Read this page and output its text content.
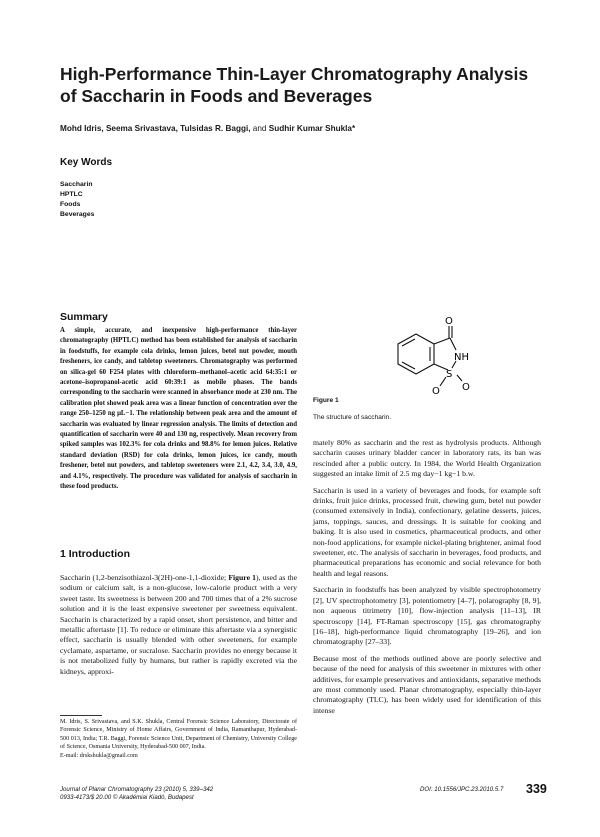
High-Performance Thin-Layer Chromatography Analysis
of Saccharin in Foods and Beverages
Mohd Idris, Seema Srivastava, Tulsidas R. Baggi, and Sudhir Kumar Shukla*
Key Words
Saccharin
HPTLC
Foods
Beverages
Summary
A simple, accurate, and inexpensive high-performance thin-layer chromatography (HPTLC) method has been established for analysis of saccharin in foodstuffs, for example cola drinks, lemon juices, betel nut powder, mouth fresheners, ice candy, and tabletop sweeteners. Chromatography was performed on silica-gel 60 F254 plates with chloroform–methanol–acetic acid 64:35:1 or acetone–isopropanol-acetic acid 60:39:1 as mobile phases. The bands corresponding to the saccharin were scanned in absorbance mode at 230 nm. The calibration plot showed peak area was a linear function of concentration over the range 250–1250 ng μL−1. The relationship between peak area and the amount of saccharin was evaluated by linear regression analysis. The limits of detection and quantification of saccharin were 40 and 130 ng, respectively. Mean recovery from spiked samples was 102.3% for cola drinks and 98.8% for lemon juices. Relative standard deviation (RSD) for cola drinks, lemon juices, ice candy, mouth freshener, betel nut powders, and tabletop sweeteners were 2.1, 4.2, 3.4, 3.0, 4.9, and 4.1%, respectively. The procedure was validated for analysis of saccharin in these food products.
O
NH
S
O O
Figure 1
The structure of saccharin.
1 Introduction

Saccharin (1,2-benzisothiazol-3(2H)-one-1,1-dioxide; Figure 1), used as the sodium or calcium salt, is a non-glucose, low-calorie product with a very sweet taste. Its sweetness is between 200 and 700 times that of a 2% sucrose solution and it is the least expensive sweetener per sweetness equivalent. Saccharin is characterized by a rapid onset, short persistence, and bitter and metallic aftertaste [1]. To reduce or eliminate this aftertaste via a synergistic effect, saccharin is usually blended with other sweeteners, for example cyclamate, aspartame, or sucralose. Saccharin provides no energy because it is not metabolized fully by humans, but rather is rapidly excreted via the kidneys, approxi-

mately 80% as saccharin and the rest as hydrolysis products. Although saccharin causes urinary bladder cancer in laboratory rats, its ban was rescinded after a public outcry. In 1984, the World Health Organization suggested an intake limit of 2.5 mg day−1 kg−1 b.w.

Saccharin is used in a variety of beverages and foods, for example soft drinks, fruit juice drinks, processed fruit, chewing gum, betel nut powder (consumed extensively in India), confectionary, gelatine desserts, juices, jams, toppings, sauces, and dressings. It is suitable for cooking and baking. It is also used in cosmetics, pharmaceutical products, and other non-food applications, for example nickel-plating brightener, animal food sweetener, etc. The analysis of saccharin in beverages, food products, and pharmaceutical preparations has economic and social relevance for both health and legal reasons.

Saccharin in foodstuffs has been analyzed by visible spectrophotometry [2], UV spectrophotometry [3], potentiometry [4–7], polarography [8, 9], non aqueous titrimetry [10], flow-injection analysis [11–13], IR spectroscopy [14], FT-Raman spectroscopy [15], gas chromatography [16–18], high-performance liquid chromatography [19–26], and ion chromatography [27–33].

Because most of the methods outlined above are poorly selective and because of the need for analysis of this sweetener in mixtures with other additives, for example preservatives and antioxidants, separative methods are most commonly used. Planar chromatography, especially thin-layer chromatography (TLC), has been widely used for identification of this intense

M. Idris, S. Srivastava, and S.K. Shukla, Central Forensic Science Laboratory, Directorate of Forensic Science, Ministry of Home Affairs, Government of India, Ramanthapur, Hyderabad-500 013, India; T.R. Baggi, Forensic Science Unit, Department of Chemistry, University College of Science, Osmania University, Hyderabad-500 007, India.
E-mail: drskshukla@gmail.com
Journal of Planar Chromatography 23 (2010) 5, 339–342
0933-4173/$ 20.00 © Akadémiai Kiadó, Budapest
DOI: 10.1556/JPC.23.2010.5.7 339
